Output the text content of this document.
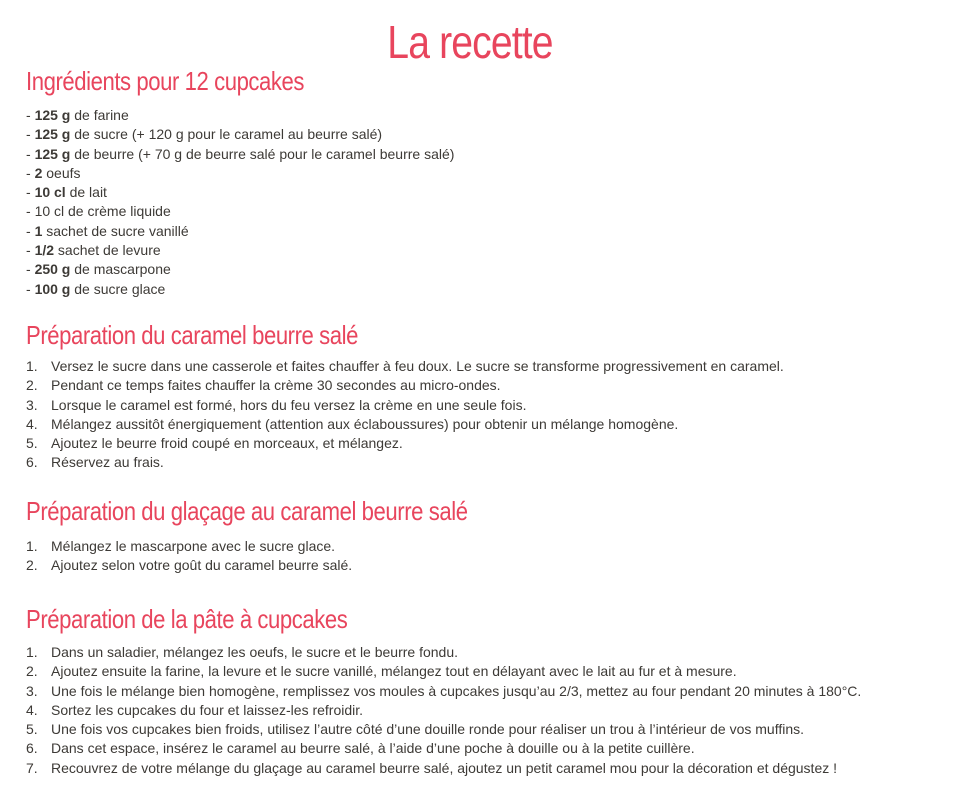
La recette
Ingrédients pour 12 cupcakes
- 125 g de farine
- 125 g de sucre (+ 120 g pour le caramel au beurre salé)
- 125 g de beurre (+ 70 g de beurre salé pour le caramel beurre salé)
- 2 oeufs
- 10 cl de lait
- 10 cl de crème liquide
- 1 sachet de sucre vanillé
- 1/2 sachet de levure
- 250 g de mascarpone
- 100 g de sucre glace
Préparation du caramel beurre salé
1. Versez le sucre dans une casserole et faites chauffer à feu doux. Le sucre se transforme progressivement en caramel.
2. Pendant ce temps faites chauffer la crème 30 secondes au micro-ondes.
3. Lorsque le caramel est formé, hors du feu versez la crème en une seule fois.
4. Mélangez aussitôt énergiquement (attention aux éclaboussures) pour obtenir un mélange homogène.
5. Ajoutez le beurre froid coupé en morceaux, et mélangez.
6. Réservez au frais.
Préparation du glaçage au caramel beurre salé
1. Mélangez le mascarpone avec le sucre glace.
2. Ajoutez selon votre goût du caramel beurre salé.
Préparation de la pâte à cupcakes
1. Dans un saladier, mélangez les oeufs, le sucre et le beurre fondu.
2. Ajoutez ensuite la farine, la levure et le sucre vanillé, mélangez tout en délayant avec le lait au fur et à mesure.
3. Une fois le mélange bien homogène, remplissez vos moules à cupcakes jusqu’au 2/3, mettez au four pendant 20 minutes à 180°C.
4. Sortez les cupcakes du four et laissez-les refroidir.
5. Une fois vos cupcakes bien froids, utilisez l’autre côté d’une douille ronde pour réaliser un trou à l’intérieur de vos muffins.
6. Dans cet espace, insérez le caramel au beurre salé, à l’aide d’une poche à douille ou à la petite cuillère.
7. Recouvrez de votre mélange du glaçage au caramel beurre salé, ajoutez un petit caramel mou pour la décoration et dégustez !
